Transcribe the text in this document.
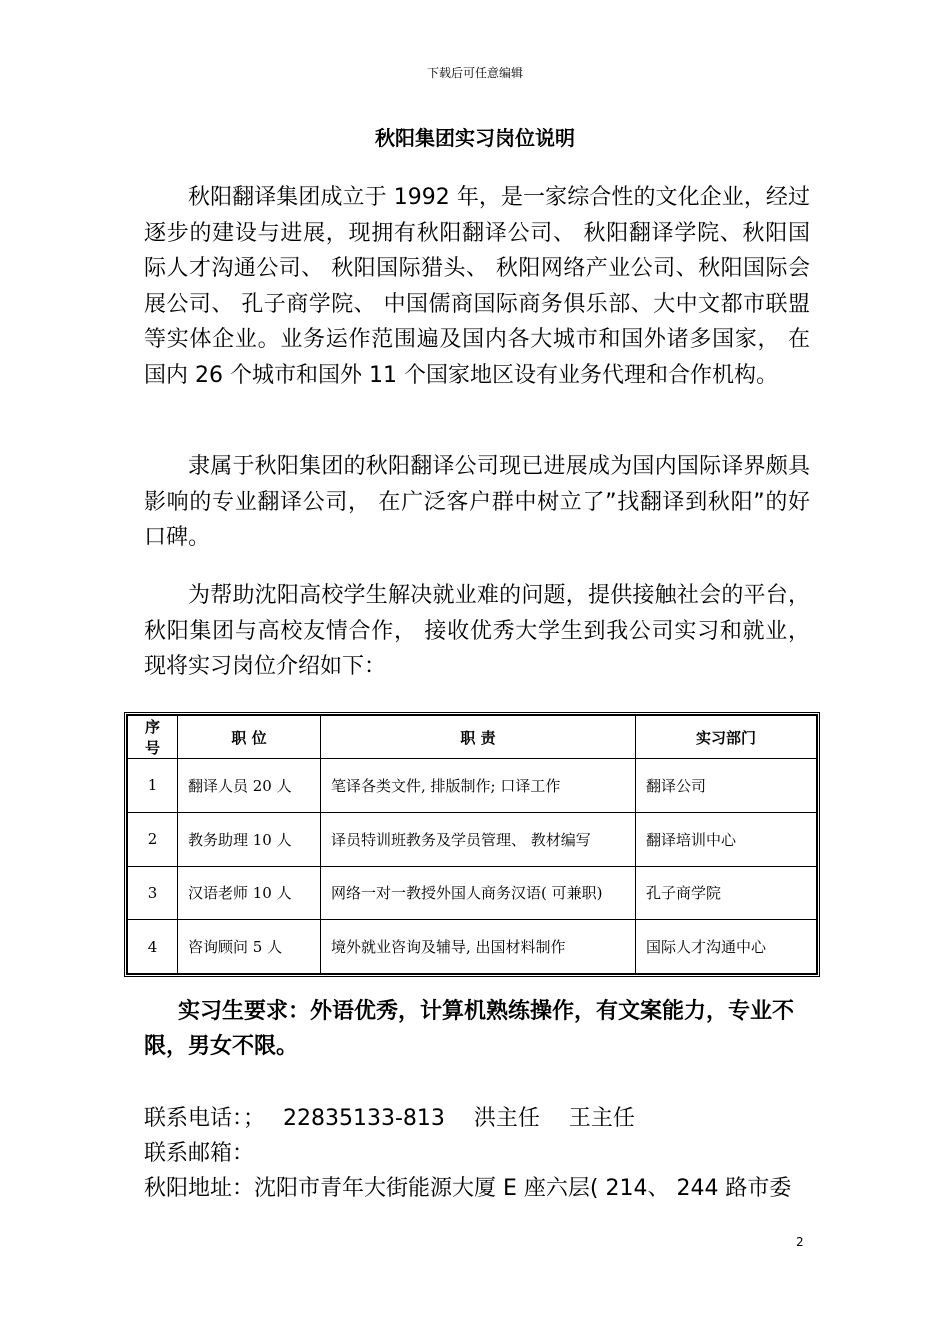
下载后可任意编辑
秋阳集团实习岗位说明

秋阳翻译集团成立于 1992 年，是一家综合性的文化企业，经过逐步的建设与进展，现拥有秋阳翻译公司、 秋阳翻译学院、秋阳国际人才沟通公司、 秋阳国际猎头、 秋阳网络产业公司、秋阳国际会展公司、 孔子商学院、 中国儒商国际商务俱乐部、大中文都市联盟等实体企业。业务运作范围遍及国内各大城市和国外诸多国家， 在国内 26 个城市和国外 11 个国家地区设有业务代理和合作机构。

隶属于秋阳集团的秋阳翻译公司现已进展成为国内国际译界颇具影响的专业翻译公司， 在广泛客户群中树立了”找翻译到秋阳”的好口碑。

为帮助沈阳高校学生解决就业难的问题，提供接触社会的平台，秋阳集团与高校友情合作， 接收优秀大学生到我公司实习和就业，现将实习岗位介绍如下：

序号	职 位	职 责	实习部门
1	翻译人员 20 人	笔译各类文件, 排版制作; 口译工作	翻译公司
2	教务助理 10 人	译员特训班教务及学员管理、 教材编写	翻译培训中心
3	汉语老师 10 人	网络一对一教授外国人商务汉语( 可兼职)	孔子商学院
4	咨询顾问 5 人	境外就业咨询及辅导, 出国材料制作	国际人才沟通中心

实习生要求：外语优秀，计算机熟练操作，有文案能力，专业不限，男女不限。

联系电话：；　 22835133-813　 洪主任　 王主任
联系邮箱：
秋阳地址：沈阳市青年大街能源大厦 E 座六层( 214、 244 路市委
2
